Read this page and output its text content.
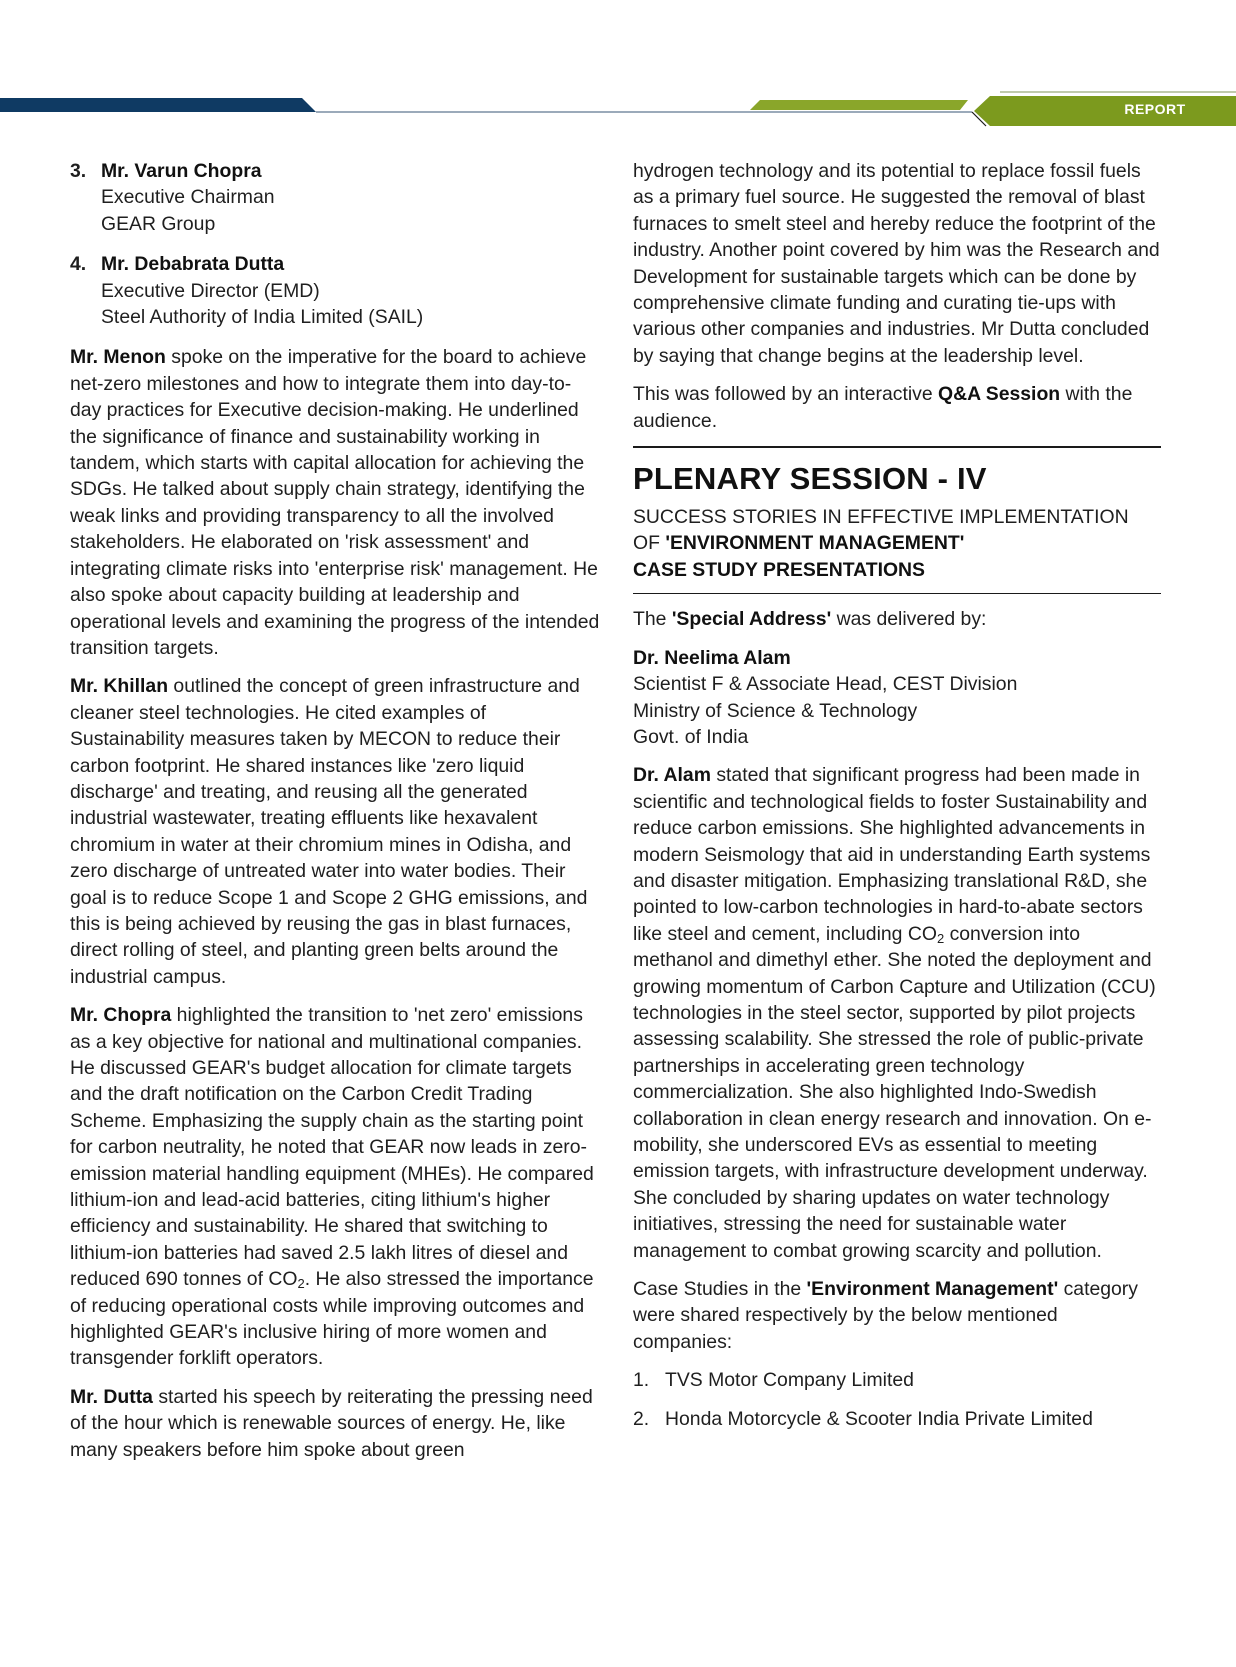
REPORT
3. Mr. Varun Chopra
Executive Chairman
GEAR Group
4. Mr. Debabrata Dutta
Executive Director (EMD)
Steel Authority of India Limited (SAIL)

Mr. Menon spoke on the imperative for the board to achieve net-zero milestones and how to integrate them into day-to-day practices for Executive decision-making. He underlined the significance of finance and sustainability working in tandem, which starts with capital allocation for achieving the SDGs. He talked about supply chain strategy, identifying the weak links and providing transparency to all the involved stakeholders. He elaborated on 'risk assessment' and integrating climate risks into 'enterprise risk' management. He also spoke about capacity building at leadership and operational levels and examining the progress of the intended transition targets.

Mr. Khillan outlined the concept of green infrastructure and cleaner steel technologies. He cited examples of Sustainability measures taken by MECON to reduce their carbon footprint. He shared instances like 'zero liquid discharge' and treating, and reusing all the generated industrial wastewater, treating effluents like hexavalent chromium in water at their chromium mines in Odisha, and zero discharge of untreated water into water bodies. Their goal is to reduce Scope 1 and Scope 2 GHG emissions, and this is being achieved by reusing the gas in blast furnaces, direct rolling of steel, and planting green belts around the industrial campus.

Mr. Chopra highlighted the transition to 'net zero' emissions as a key objective for national and multinational companies. He discussed GEAR's budget allocation for climate targets and the draft notification on the Carbon Credit Trading Scheme. Emphasizing the supply chain as the starting point for carbon neutrality, he noted that GEAR now leads in zero-emission material handling equipment (MHEs). He compared lithium-ion and lead-acid batteries, citing lithium's higher efficiency and sustainability. He shared that switching to lithium-ion batteries had saved 2.5 lakh litres of diesel and reduced 690 tonnes of $CO_2$. He also stressed the importance of reducing operational costs while improving outcomes and highlighted GEAR's inclusive hiring of more women and transgender forklift operators.

Mr. Dutta started his speech by reiterating the pressing need of the hour which is renewable sources of energy. He, like many speakers before him spoke about green

hydrogen technology and its potential to replace fossil fuels as a primary fuel source. He suggested the removal of blast furnaces to smelt steel and hereby reduce the footprint of the industry. Another point covered by him was the Research and Development for sustainable targets which can be done by comprehensive climate funding and curating tie-ups with various other companies and industries. Mr Dutta concluded by saying that change begins at the leadership level.

This was followed by an interactive Q&A Session with the audience.

PLENARY SESSION - IV
SUCCESS STORIES IN EFFECTIVE IMPLEMENTATION
OF 'ENVIRONMENT MANAGEMENT'
CASE STUDY PRESENTATIONS

The 'Special Address' was delivered by:

Dr. Neelima Alam
Scientist F & Associate Head, CEST Division
Ministry of Science & Technology
Govt. of India

Dr. Alam stated that significant progress had been made in scientific and technological fields to foster Sustainability and reduce carbon emissions. She highlighted advancements in modern Seismology that aid in understanding Earth systems and disaster mitigation. Emphasizing translational R&D, she pointed to low-carbon technologies in hard-to-abate sectors like steel and cement, including $CO_2$ conversion into methanol and dimethyl ether. She noted the deployment and growing momentum of Carbon Capture and Utilization (CCU) technologies in the steel sector, supported by pilot projects assessing scalability. She stressed the role of public-private partnerships in accelerating green technology commercialization. She also highlighted Indo-Swedish collaboration in clean energy research and innovation. On e-mobility, she underscored EVs as essential to meeting emission targets, with infrastructure development underway. She concluded by sharing updates on water technology initiatives, stressing the need for sustainable water management to combat growing scarcity and pollution.

Case Studies in the 'Environment Management' category were shared respectively by the below mentioned companies:

1. TVS Motor Company Limited
2. Honda Motorcycle & Scooter India Private Limited
